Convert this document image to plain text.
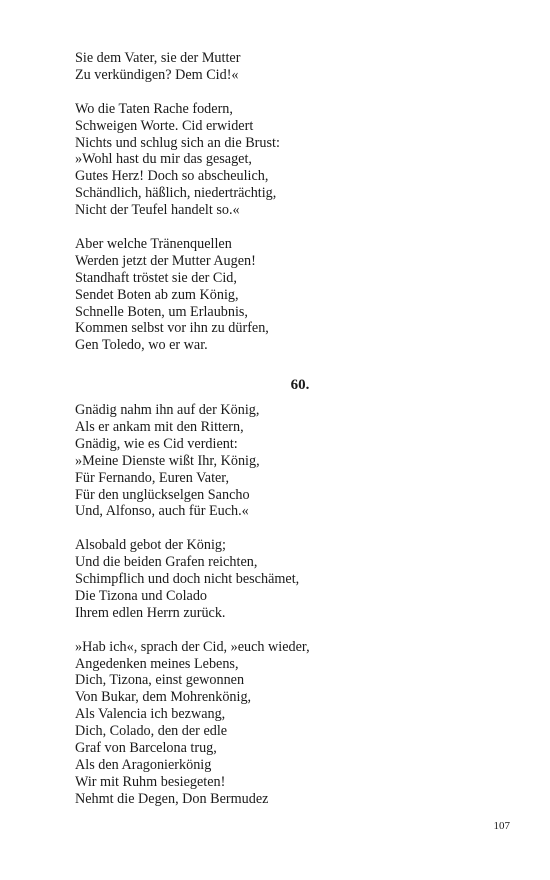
Sie dem Vater, sie der Mutter
Zu verkündigen? Dem Cid!«
Wo die Taten Rache fodern,
Schweigen Worte. Cid erwidert
Nichts und schlug sich an die Brust:
»Wohl hast du mir das gesaget,
Gutes Herz! Doch so abscheulich,
Schändlich, häßlich, niederträchtig,
Nicht der Teufel handelt so.«
Aber welche Tränenquellen
Werden jetzt der Mutter Augen!
Standhaft tröstet sie der Cid,
Sendet Boten ab zum König,
Schnelle Boten, um Erlaubnis,
Kommen selbst vor ihn zu dürfen,
Gen Toledo, wo er war.
60.
Gnädig nahm ihn auf der König,
Als er ankam mit den Rittern,
Gnädig, wie es Cid verdient:
»Meine Dienste wißt Ihr, König,
Für Fernando, Euren Vater,
Für den unglückselgen Sancho
Und, Alfonso, auch für Euch.«
Alsobald gebot der König;
Und die beiden Grafen reichten,
Schimpflich und doch nicht beschämet,
Die Tizona und Colado
Ihrem edlen Herrn zurück.
»Hab ich«, sprach der Cid, »euch wieder,
Angedenken meines Lebens,
Dich, Tizona, einst gewonnen
Von Bukar, dem Mohrenkönig,
Als Valencia ich bezwang,
Dich, Colado, den der edle
Graf von Barcelona trug,
Als den Aragonierkönig
Wir mit Ruhm besiegeten!
Nehmt die Degen, Don Bermudez
107
